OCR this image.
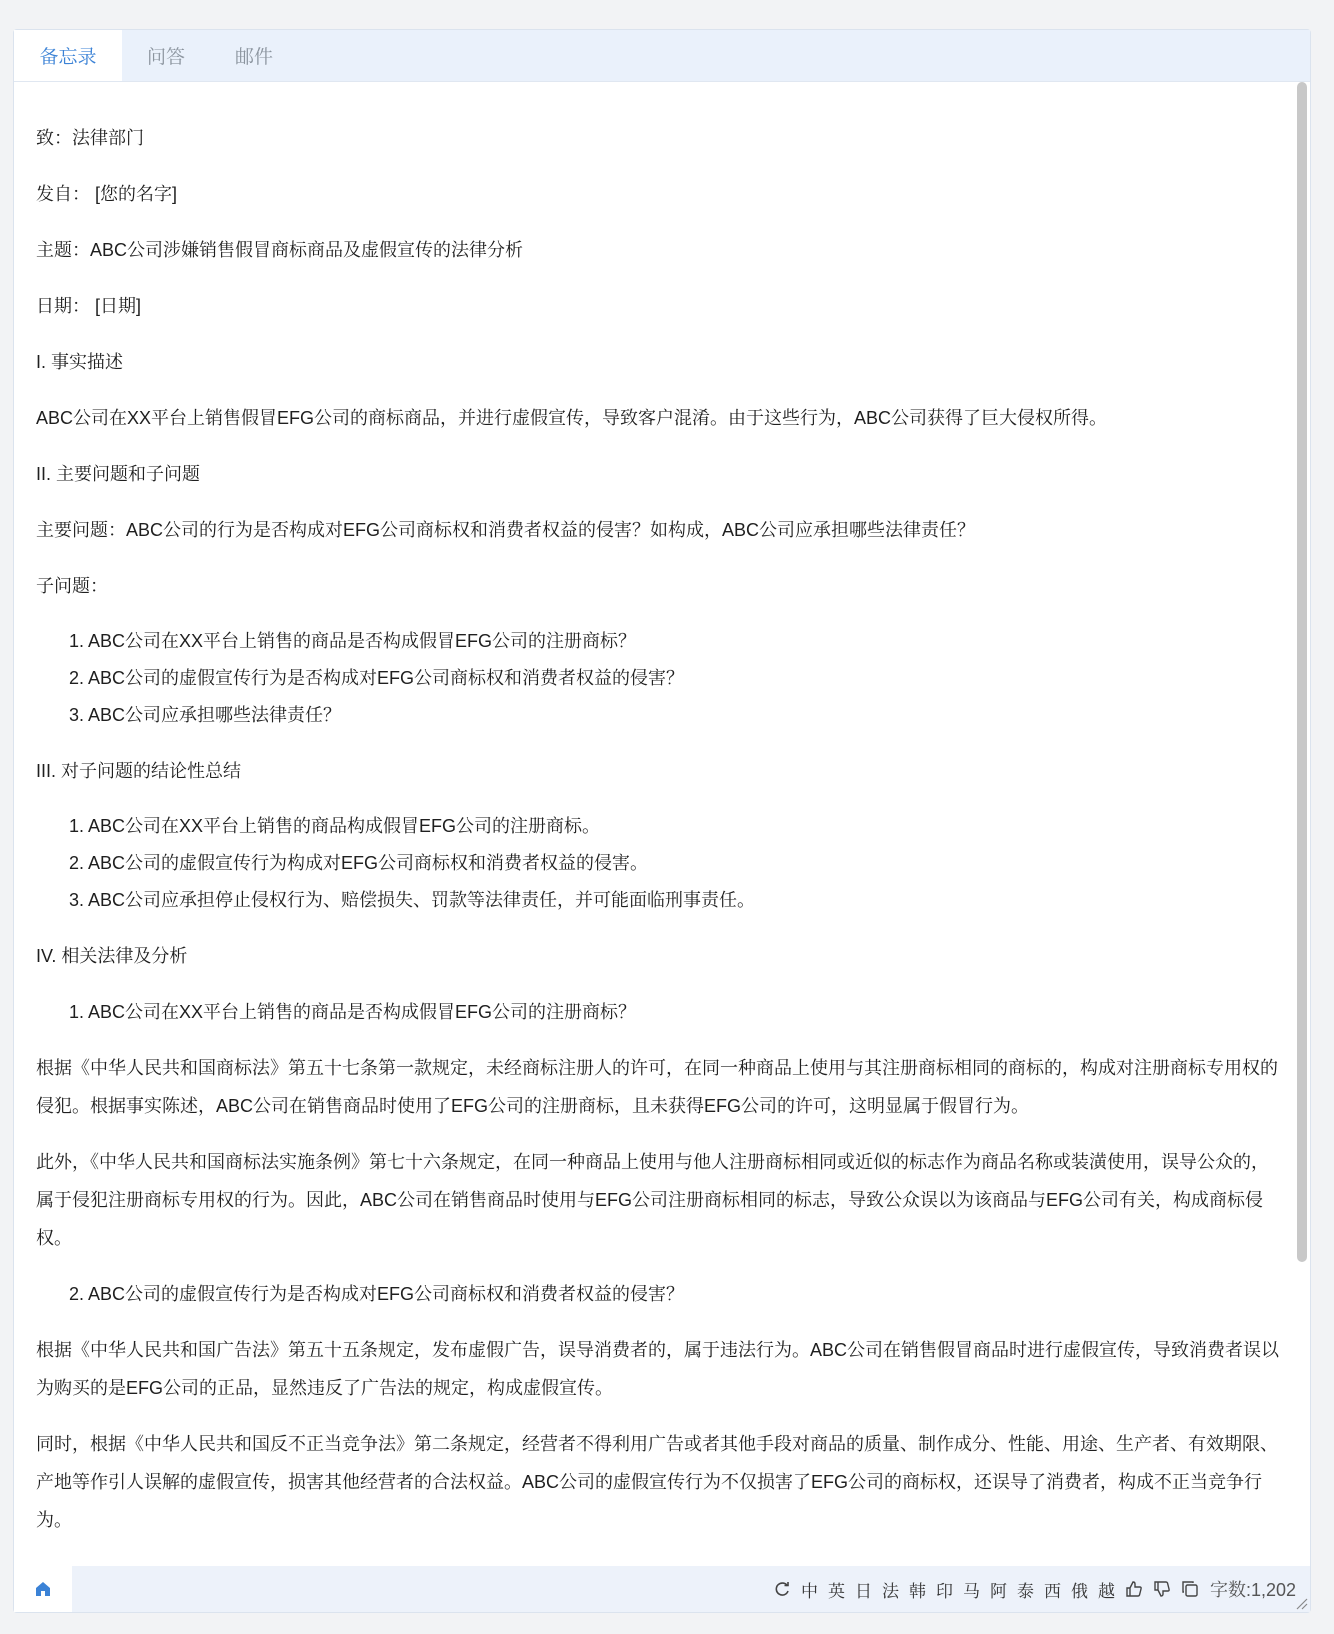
备忘录	问答	邮件

致：法律部门

发自： [您的名字]

主题：ABC公司涉嫌销售假冒商标商品及虚假宣传的法律分析

日期： [日期]

I. 事实描述

ABC公司在XX平台上销售假冒EFG公司的商标商品，并进行虚假宣传，导致客户混淆。由于这些行为，ABC公司获得了巨大侵权所得。

II. 主要问题和子问题

主要问题：ABC公司的行为是否构成对EFG公司商标权和消费者权益的侵害？如构成，ABC公司应承担哪些法律责任？

子问题：

1. ABC公司在XX平台上销售的商品是否构成假冒EFG公司的注册商标？
2. ABC公司的虚假宣传行为是否构成对EFG公司商标权和消费者权益的侵害？
3. ABC公司应承担哪些法律责任？

III. 对子问题的结论性总结

1. ABC公司在XX平台上销售的商品构成假冒EFG公司的注册商标。
2. ABC公司的虚假宣传行为构成对EFG公司商标权和消费者权益的侵害。
3. ABC公司应承担停止侵权行为、赔偿损失、罚款等法律责任，并可能面临刑事责任。

IV. 相关法律及分析

1. ABC公司在XX平台上销售的商品是否构成假冒EFG公司的注册商标？

根据《中华人民共和国商标法》第五十七条第一款规定，未经商标注册人的许可，在同一种商品上使用与其注册商标相同的商标的，构成对注册商标专用权的侵犯。根据事实陈述，ABC公司在销售商品时使用了EFG公司的注册商标，且未获得EFG公司的许可，这明显属于假冒行为。

此外，《中华人民共和国商标法实施条例》第七十六条规定，在同一种商品上使用与他人注册商标相同或近似的标志作为商品名称或装潢使用，误导公众的，属于侵犯注册商标专用权的行为。因此，ABC公司在销售商品时使用与EFG公司注册商标相同的标志，导致公众误以为该商品与EFG公司有关，构成商标侵权。

2. ABC公司的虚假宣传行为是否构成对EFG公司商标权和消费者权益的侵害？

根据《中华人民共和国广告法》第五十五条规定，发布虚假广告，误导消费者的，属于违法行为。ABC公司在销售假冒商品时进行虚假宣传，导致消费者误以为购买的是EFG公司的正品，显然违反了广告法的规定，构成虚假宣传。

同时，根据《中华人民共和国反不正当竞争法》第二条规定，经营者不得利用广告或者其他手段对商品的质量、制作成分、性能、用途、生产者、有效期限、产地等作引人误解的虚假宣传，损害其他经营者的合法权益。ABC公司的虚假宣传行为不仅损害了EFG公司的商标权，还误导了消费者，构成不正当竞争行为。

中 英 日 法 韩 印 马 阿 泰 西 俄 越	字数:1,202
